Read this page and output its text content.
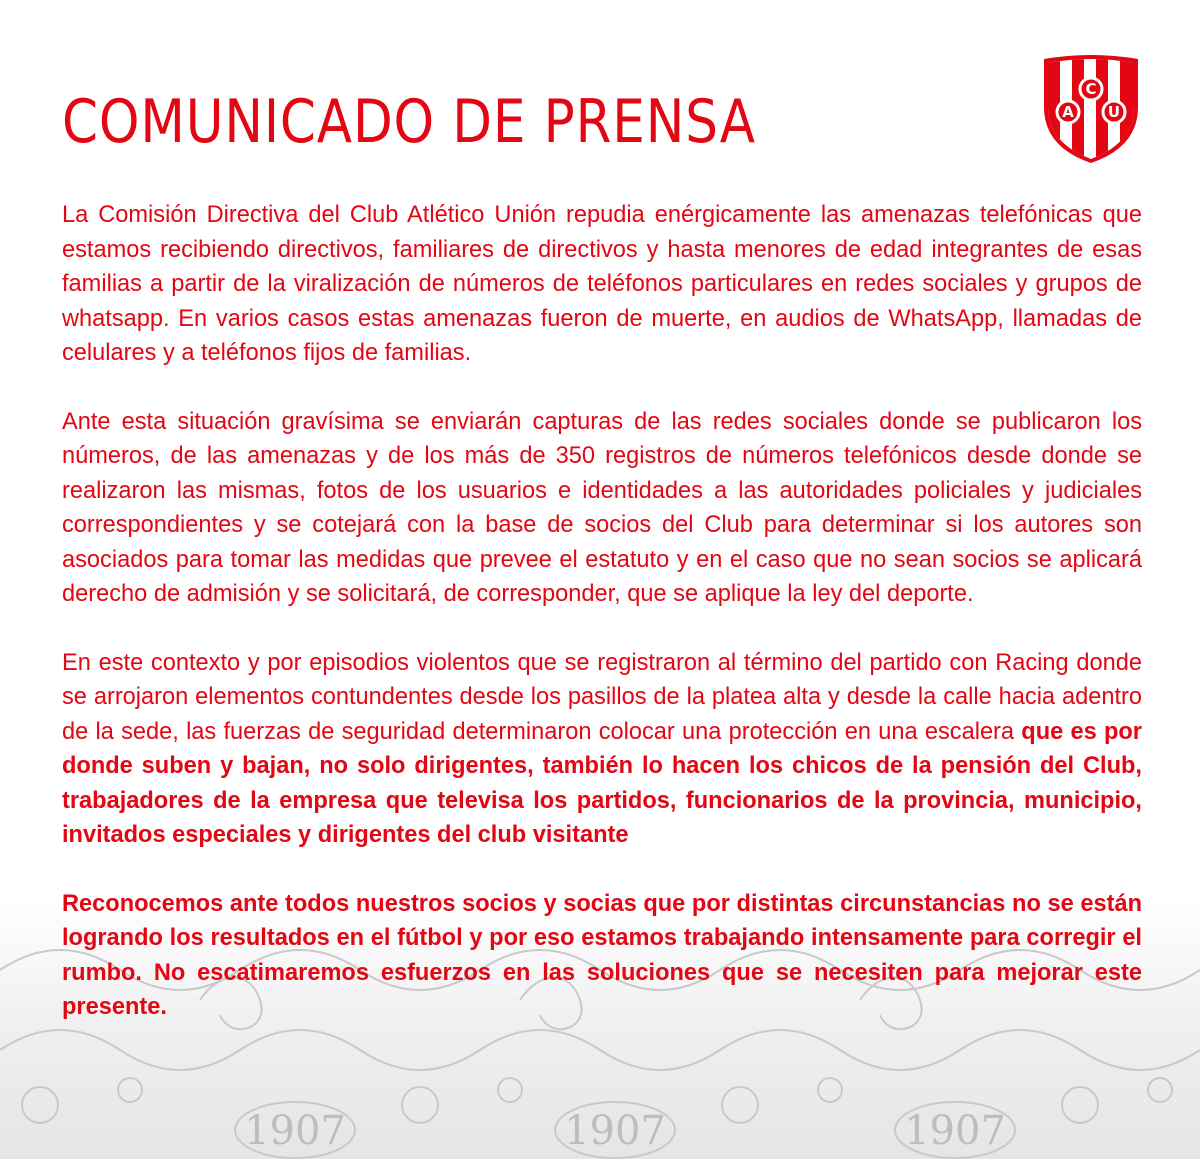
1907	1907	1907
COMUNICADO DE PRENSA	C
A U

La Comisión Directiva del Club Atlético Unión repudia enérgicamente las amenazas telefónicas que estamos recibiendo directivos, familiares de directivos y hasta menores de edad integrantes de esas familias a partir de la viralización de números de teléfonos particulares en redes sociales y grupos de whatsapp. En varios casos estas amenazas fueron de muerte, en audios de WhatsApp, llamadas de celulares y a teléfonos fijos de familias.

Ante esta situación gravísima se enviarán capturas de las redes sociales donde se publicaron los números, de las amenazas y de los más de 350 registros de números telefónicos desde donde se realizaron las mismas, fotos de los usuarios e identidades a las autoridades policiales y judiciales correspondientes y se cotejará con la base de socios del Club para determinar si los autores son asociados para tomar las medidas que prevee el estatuto y en el caso que no sean socios se aplicará derecho de admisión y se solicitará, de corresponder, que se aplique la ley del deporte.

En este contexto y por episodios violentos que se registraron al término del partido con Racing donde se arrojaron elementos contundentes desde los pasillos de la platea alta y desde la calle hacia adentro de la sede, las fuerzas de seguridad determinaron colocar una protección en una escalera que es por donde suben y bajan, no solo dirigentes, también lo hacen los chicos de la pensión del Club, trabajadores de la empresa que televisa los partidos, funcionarios de la provincia, municipio, invitados especiales y dirigentes del club visitante

Reconocemos ante todos nuestros socios y socias que por distintas circunstancias no se están logrando los resultados en el fútbol y por eso estamos trabajando intensamente para corregir el rumbo. No escatimaremos esfuerzos en las soluciones que se necesiten para mejorar este presente.
